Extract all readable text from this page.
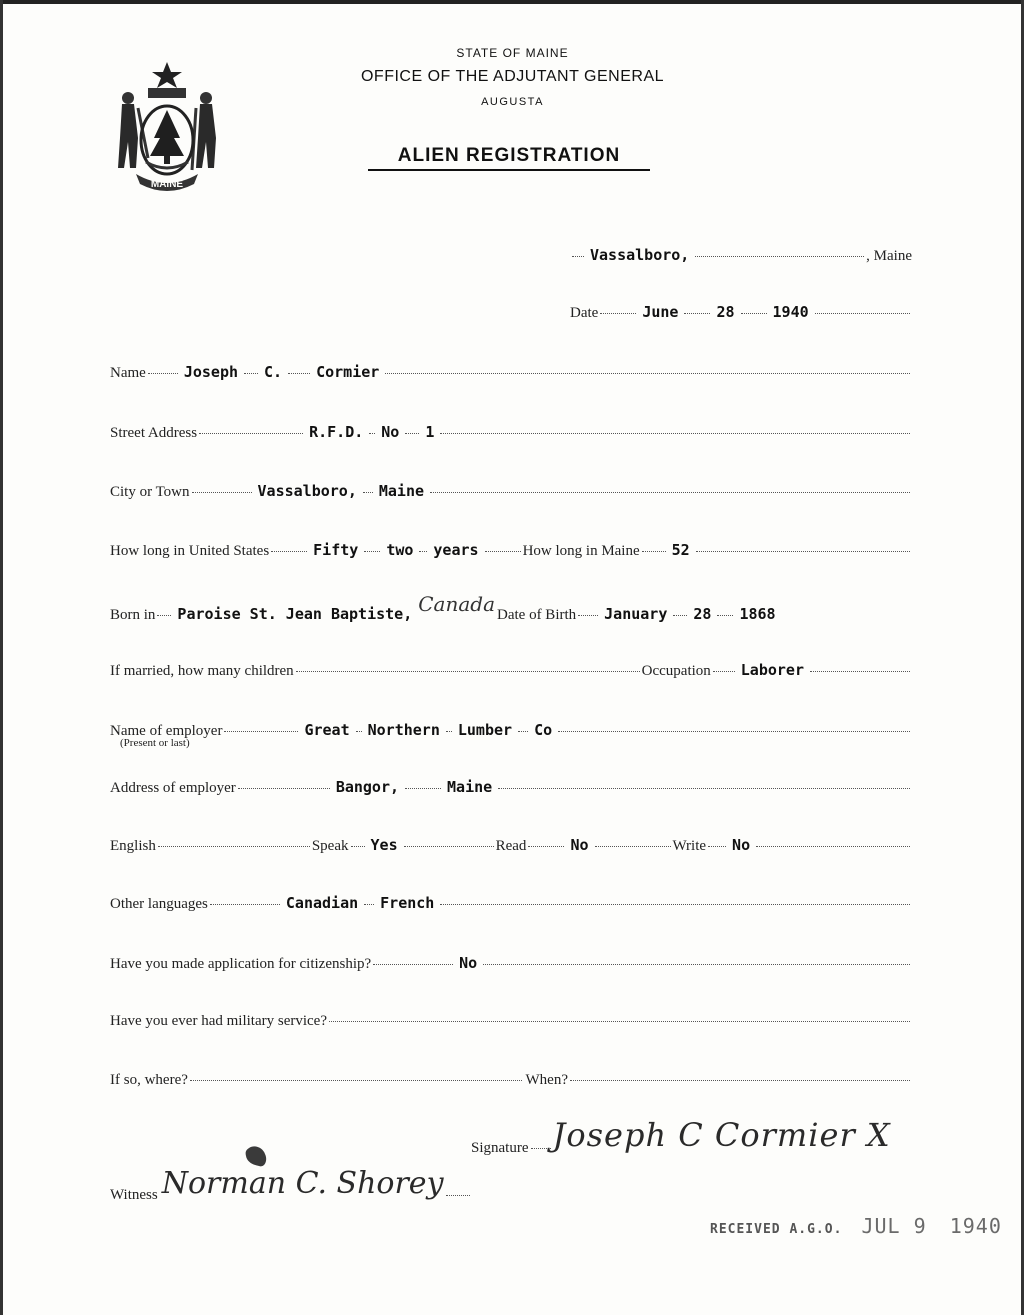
MAINE
STATE OF MAINE
OFFICE OF THE ADJUTANT GENERAL
AUGUSTA
ALIEN REGISTRATION
Vassalboro,	, Maine
Date	June	28	1940
Name	Joseph C. Cormier
Street Address	R.F.D. No 1
City or Town	Vassalboro, Maine
How long in United States	Fifty two years	How long in Maine 52
Born in Paroise St. Jean Baptiste, Canada Date of Birth January 28 1868
If married, how many children	Occupation Laborer
Name of employer	Great Northern Lumber Co
(Present or last)
Address of employer	Bangor,	Maine
English	Speak Yes	Read	No	Write No
Other languages	Canadian French
Have you made application for citizenship?	No
Have you ever had military service?
If so, where?	When?
Signature Joseph C Cormier X
Witness Norman C. Shorey
RECEIVED A.G.O. JUL 9 1940
